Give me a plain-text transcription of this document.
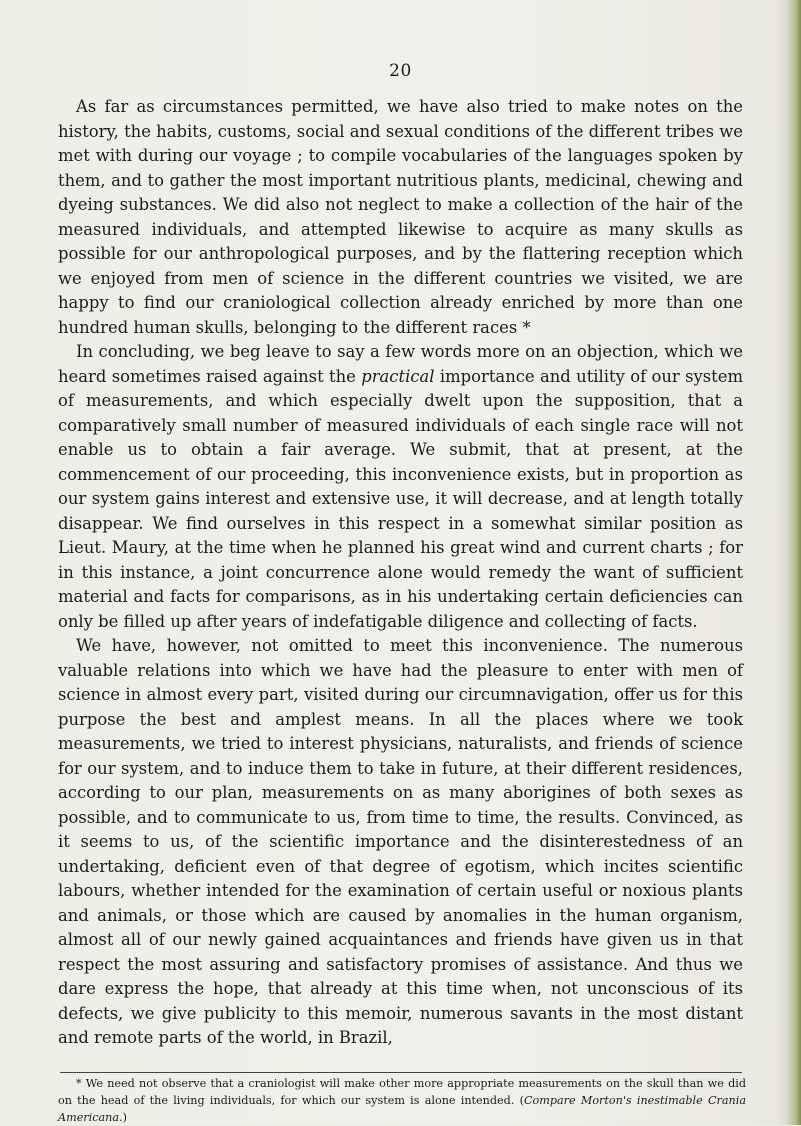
20

As far as circumstances permitted, we have also tried to make notes on the history, the habits, customs, social and sexual conditions of the different tribes we met with during our voyage ; to compile vocabularies of the languages spoken by them, and to gather the most important nutritious plants, medicinal, chewing and dyeing substances. We did also not neglect to make a collection of the hair of the measured individuals, and attempted likewise to acquire as many skulls as possible for our anthropological purposes, and by the flattering reception which we enjoyed from men of science in the different countries we visited, we are happy to find our craniological collection already enriched by more than one hundred human skulls, belonging to the different races *

In concluding, we beg leave to say a few words more on an objection, which we heard sometimes raised against the practical importance and utility of our system of measurements, and which especially dwelt upon the supposition, that a comparatively small number of measured individuals of each single race will not enable us to obtain a fair average. We submit, that at present, at the commencement of our proceeding, this inconvenience exists, but in proportion as our system gains interest and extensive use, it will decrease, and at length totally disappear. We find ourselves in this respect in a somewhat similar position as Lieut. Maury, at the time when he planned his great wind and current charts ; for in this instance, a joint concurrence alone would remedy the want of sufficient material and facts for comparisons, as in his undertaking certain deficiencies can only be filled up after years of indefatigable diligence and collecting of facts.

We have, however, not omitted to meet this inconvenience. The numerous valuable relations into which we have had the pleasure to enter with men of science in almost every part, visited during our circumnavigation, offer us for this purpose the best and amplest means. In all the places where we took measurements, we tried to interest physicians, naturalists, and friends of science for our system, and to induce them to take in future, at their different residences, according to our plan, measurements on as many aborigines of both sexes as possible, and to communicate to us, from time to time, the results. Convinced, as it seems to us, of the scientific importance and the disinterestedness of an undertaking, deficient even of that degree of egotism, which incites scientific labours, whether intended for the examination of certain useful or noxious plants and animals, or those which are caused by anomalies in the human organism, almost all of our newly gained acquaintances and friends have given us in that respect the most assuring and satisfactory promises of assistance. And thus we dare express the hope, that already at this time when, not unconscious of its defects, we give publicity to this memoir, numerous savants in the most distant and remote parts of the world, in Brazil,

* We need not observe that a craniologist will make other more appropriate measurements on the skull than we did on the head of the living individuals, for which our system is alone intended. (Compare Morton's inestimable Crania Americana.)
